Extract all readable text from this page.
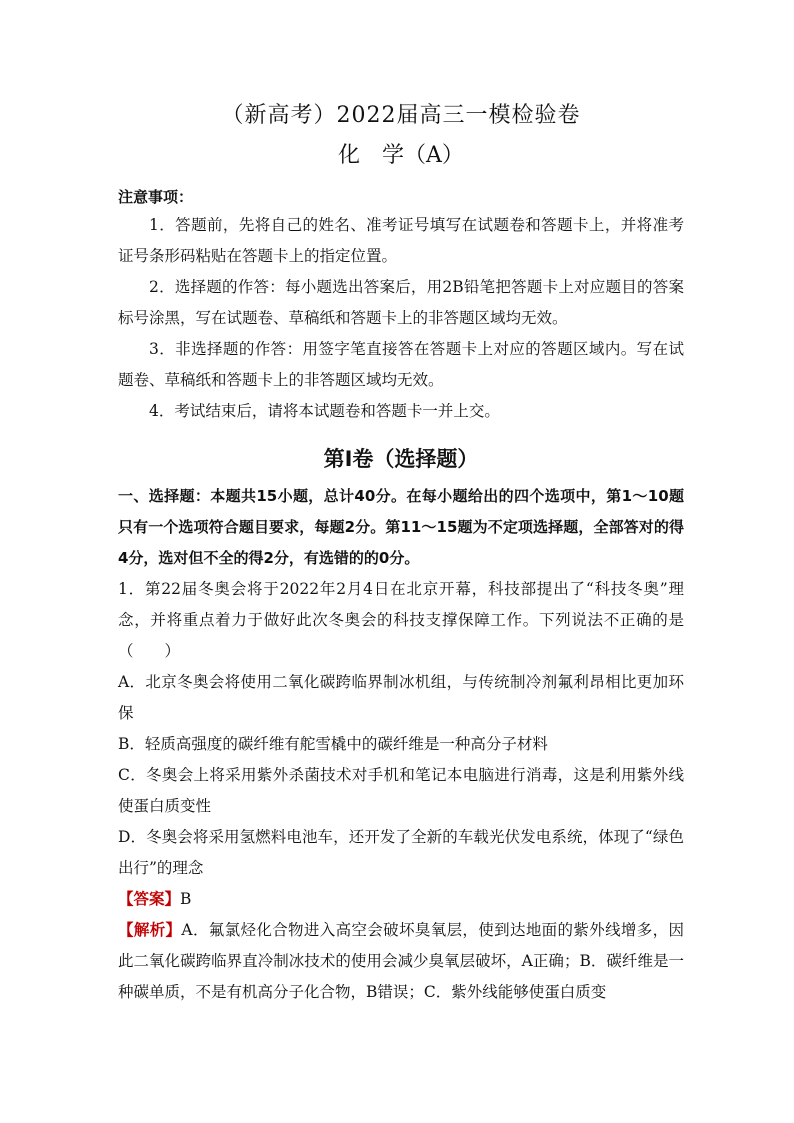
（新高考）2022届高三一模检验卷
化　学（A）
注意事项：

1．答题前，先将自己的姓名、准考证号填写在试题卷和答题卡上，并将准考证号条形码粘贴在答题卡上的指定位置。

2．选择题的作答：每小题选出答案后，用2B铅笔把答题卡上对应题目的答案标号涂黑，写在试题卷、草稿纸和答题卡上的非答题区域均无效。

3．非选择题的作答：用签字笔直接答在答题卡上对应的答题区域内。写在试题卷、草稿纸和答题卡上的非答题区域均无效。

4．考试结束后，请将本试题卷和答题卡一并上交。

第Ⅰ卷（选择题）

一、选择题：本题共15小题，总计40分。在每小题给出的四个选项中，第1～10题只有一个选项符合题目要求，每题2分。第11～15题为不定项选择题，全部答对的得4分，选对但不全的得2分，有选错的的0分。

1．第22届冬奥会将于2022年2月4日在北京开幕，科技部提出了“科技冬奥”理念，并将重点着力于做好此次冬奥会的科技支撑保障工作。下列说法不正确的是（　　）

A．北京冬奥会将使用二氧化碳跨临界制冰机组，与传统制冷剂氟利昂相比更加环保

B．轻质高强度的碳纤维有舵雪橇中的碳纤维是一种高分子材料

C．冬奥会上将采用紫外杀菌技术对手机和笔记本电脑进行消毒，这是利用紫外线使蛋白质变性

D．冬奥会将采用氢燃料电池车，还开发了全新的车载光伏发电系统，体现了“绿色出行”的理念

【答案】B

【解析】A．氟氯烃化合物进入高空会破坏臭氧层，使到达地面的紫外线增多，因此二氧化碳跨临界直冷制冰技术的使用会减少臭氧层破坏，A正确；B．碳纤维是一种碳单质，不是有机高分子化合物，B错误；C．紫外线能够使蛋白质变
